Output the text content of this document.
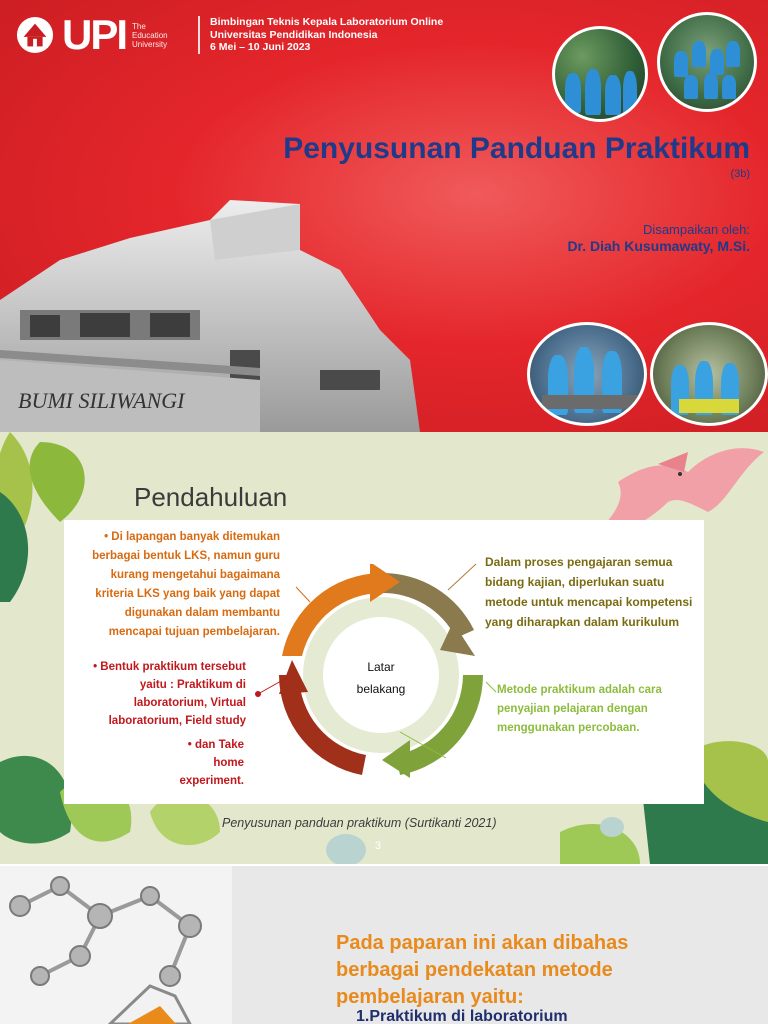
UPI The Education University
Bimbingan Teknis Kepala Laboratorium Online
Universitas Pendidikan Indonesia
6 Mei – 10 Juni 2023
Penyusunan Panduan Praktikum
(3b)
Disampaikan oleh:
Dr. Diah Kusumawaty, M.Si.
BUMI SILIWANGI
Pendahuluan
• Di lapangan banyak ditemukan berbagai bentuk LKS, namun guru kurang mengetahui bagaimana kriteria LKS yang baik yang dapat digunakan dalam membantu mencapai tujuan pembelajaran.
• Bentuk praktikum tersebut yaitu : Praktikum di laboratorium, Virtual laboratorium, Field study
• dan Take home experiment.
Latar
belakang
Dalam proses pengajaran semua bidang kajian, diperlukan suatu metode untuk mencapai kompetensi yang diharapkan dalam kurikulum
Metode praktikum adalah cara penyajian pelajaran dengan menggunakan percobaan.
Penyusunan panduan praktikum (Surtikanti 2021)
3
Pada paparan ini akan dibahas berbagai pendekatan metode pembelajaran yaitu:
1.Praktikum di laboratorium
